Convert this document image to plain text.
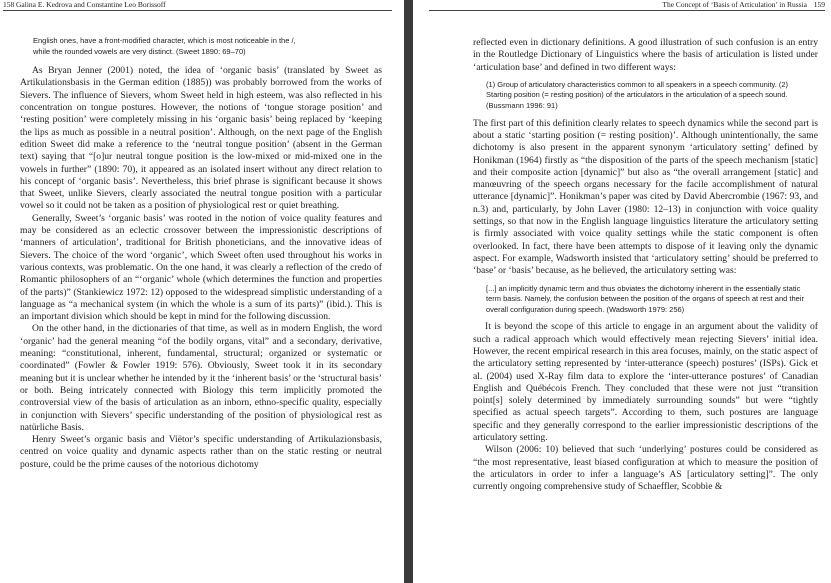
158 Galina E. Kedrova and Constantine Leo Borissoff

English ones, have a front-modified character, which is most noticeable in the /,

while the rounded vowels are very distinct. (Sweet 1890: 69–70)

As Bryan Jenner (2001) noted, the idea of ‘organic basis’ (translated by Sweet as Artikulationsbasis in the German edition (1885)) was probably borrowed from the works of Sievers. The influence of Sievers, whom Sweet held in high esteem, was also reflected in his concentration on tongue postures. However, the notions of ‘tongue storage position’ and ‘resting position’ were completely missing in his ‘organic basis’ being replaced by ‘keeping the lips as much as possible in a neutral position’. Although, on the next page of the English edition Sweet did make a reference to the ‘neutral tongue position’ (absent in the German text) saying that “[o]ur neutral tongue position is the low-mixed or mid-mixed one in the vowels in further” (1890: 70), it appeared as an isolated insert without any direct relation to his concept of ‘organic basis’. Nevertheless, this brief phrase is significant because it shows that Sweet, unlike Sievers, clearly associated the neutral tongue position with a particular vowel so it could not be taken as a position of physiological rest or quiet breathing.

Generally, Sweet’s ‘organic basis’ was rooted in the notion of voice quality features and may be considered as an eclectic crossover between the impressionistic descriptions of ‘manners of articulation’, traditional for British phoneticians, and the innovative ideas of Sievers. The choice of the word ‘organic’, which Sweet often used throughout his works in various contexts, was problematic. On the one hand, it was clearly a reflection of the credo of Romantic philosophers of an “‘organic’ whole (which determines the function and properties of the parts)” (Stankiewicz 1972: 12) opposed to the widespread simplistic understanding of a language as “a mechanical system (in which the whole is a sum of its parts)” (ibid.). This is an important division which should be kept in mind for the following discussion.

On the other hand, in the dictionaries of that time, as well as in modern English, the word ‘organic’ had the general meaning “of the bodily organs, vital” and a secondary, derivative, meaning: “constitutional, inherent, fundamental, structural; organized or systematic or coordinated” (Fowler & Fowler 1919: 576). Obviously, Sweet took it in its secondary meaning but it is unclear whether he intended by it the ‘inherent basis’ or the ‘structural basis’ or both. Being intricately connected with Biology this term implicitly promoted the controversial view of the basis of articulation as an inborn, ethno-specific quality, especially in conjunction with Sievers’ specific understanding of the position of physiological rest as natürliche Basis.

Henry Sweet’s organic basis and Viëtor’s specific understanding of Artikulazionsbasis, centred on voice quality and dynamic aspects rather than on the static resting or neutral posture, could be the prime causes of the notorious dichotomy

The Concept of ‘Basis of Articulation’ in Russia 159

reflected even in dictionary definitions. A good illustration of such confusion is an entry in the Routledge Dictionary of Linguistics where the basis of articulation is listed under ‘articulation base’ and defined in two different ways:

(1) Group of articulatory characteristics common to all speakers in a speech community. (2) Starting position (= resting position) of the articulators in the articulation of a speech sound. (Bussmann 1996: 91)

The first part of this definition clearly relates to speech dynamics while the second part is about a static ‘starting position (= resting position)’. Although unintentionally, the same dichotomy is also present in the apparent synonym ‘articulatory setting’ defined by Honikman (1964) firstly as “the disposition of the parts of the speech mechanism [static] and their composite action [dynamic]” but also as “the overall arrangement [static] and manœuvring of the speech organs necessary for the facile accomplishment of natural utterance [dynamic]”. Honikman’s paper was cited by David Abercrombie (1967: 93, and n.3) and, particularly, by John Laver (1980: 12–13) in conjunction with voice quality settings, so that now in the English language linguistics literature the articulatory setting is firmly associated with voice quality settings while the static component is often overlooked. In fact, there have been attempts to dispose of it leaving only the dynamic aspect. For example, Wadsworth insisted that ‘articulatory setting’ should be preferred to ‘base’ or ‘basis’ because, as he believed, the articulatory setting was:

[...] an implicitly dynamic term and thus obviates the dichotomy inherent in the essentially static term basis. Namely, the confusion between the position of the organs of speech at rest and their overall configuration during speech. (Wadsworth 1979: 256)

It is beyond the scope of this article to engage in an argument about the validity of such a radical approach which would effectively mean rejecting Sievers’ initial idea. However, the recent empirical research in this area focuses, mainly, on the static aspect of the articulatory setting represented by ‘inter-utterance (speech) postures’ (ISPs). Gick et al. (2004) used X-Ray film data to explore the ‘inter-utterance postures’ of Canadian English and Québécois French. They concluded that these were not just “transition point[s] solely determined by immediately surrounding sounds” but were “tightly specified as actual speech targets”. According to them, such postures are language specific and they generally correspond to the earlier impressionistic descriptions of the articulatory setting.

Wilson (2006: 10) believed that such ‘underlying’ postures could be considered as “the most representative, least biased configuration at which to measure the position of the articulators in order to infer a language’s AS [articulatory setting]”. The only currently ongoing comprehensive study of Schaeffler, Scobbie &
